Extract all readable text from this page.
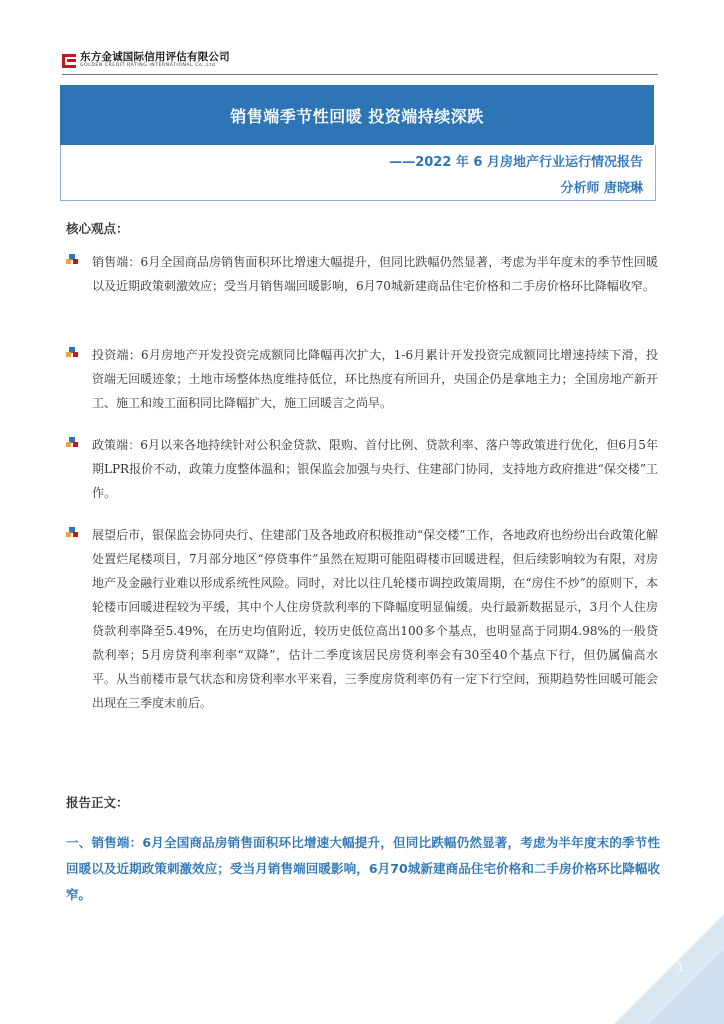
东方金诚国际信用评估有限公司
GOLDEN CREDIT RATING INTERNATIONAL Co.,Ltd.
销售端季节性回暖 投资端持续深跌
——2022 年 6 月房地产行业运行情况报告
分析师 唐晓琳
核心观点：
销售端：6月全国商品房销售面积环比增速大幅提升，但同比跌幅仍然显著，考虑为半年度末的季节性回暖以及近期政策刺激效应；受当月销售端回暖影响，6月70城新建商品住宅价格和二手房价格环比降幅收窄。
投资端：6月房地产开发投资完成额同比降幅再次扩大，1-6月累计开发投资完成额同比增速持续下滑，投资端无回暖迹象；土地市场整体热度维持低位，环比热度有所回升，央国企仍是拿地主力；全国房地产新开工、施工和竣工面积同比降幅扩大，施工回暖言之尚早。
政策端：6月以来各地持续针对公积金贷款、限购、首付比例、贷款利率、落户等政策进行优化，但6月5年期LPR报价不动，政策力度整体温和；银保监会加强与央行、住建部门协同，支持地方政府推进“保交楼”工作。
展望后市，银保监会协同央行、住建部门及各地政府积极推动“保交楼”工作，各地政府也纷纷出台政策化解处置烂尾楼项目，7月部分地区“停贷事件”虽然在短期可能阻碍楼市回暖进程，但后续影响较为有限，对房地产及金融行业难以形成系统性风险。同时，对比以往几轮楼市调控政策周期，在“房住不炒”的原则下，本轮楼市回暖进程较为平缓，其中个人住房贷款利率的下降幅度明显偏缓。央行最新数据显示，3月个人住房贷款利率降至5.49%，在历史均值附近，较历史低位高出100多个基点，也明显高于同期4.98%的一般贷款利率；5月房贷利率利率“双降”，估计二季度该居民房贷利率会有30至40个基点下行，但仍属偏高水平。从当前楼市景气状态和房贷利率水平来看，三季度房贷利率仍有一定下行空间，预期趋势性回暖可能会出现在三季度末前后。
报告正文：
一、销售端：6月全国商品房销售面积环比增速大幅提升，但同比跌幅仍然显著，考虑为半年度末的季节性回暖以及近期政策刺激效应；受当月销售端回暖影响，6月70城新建商品住宅价格和二手房价格环比降幅收窄。
1
